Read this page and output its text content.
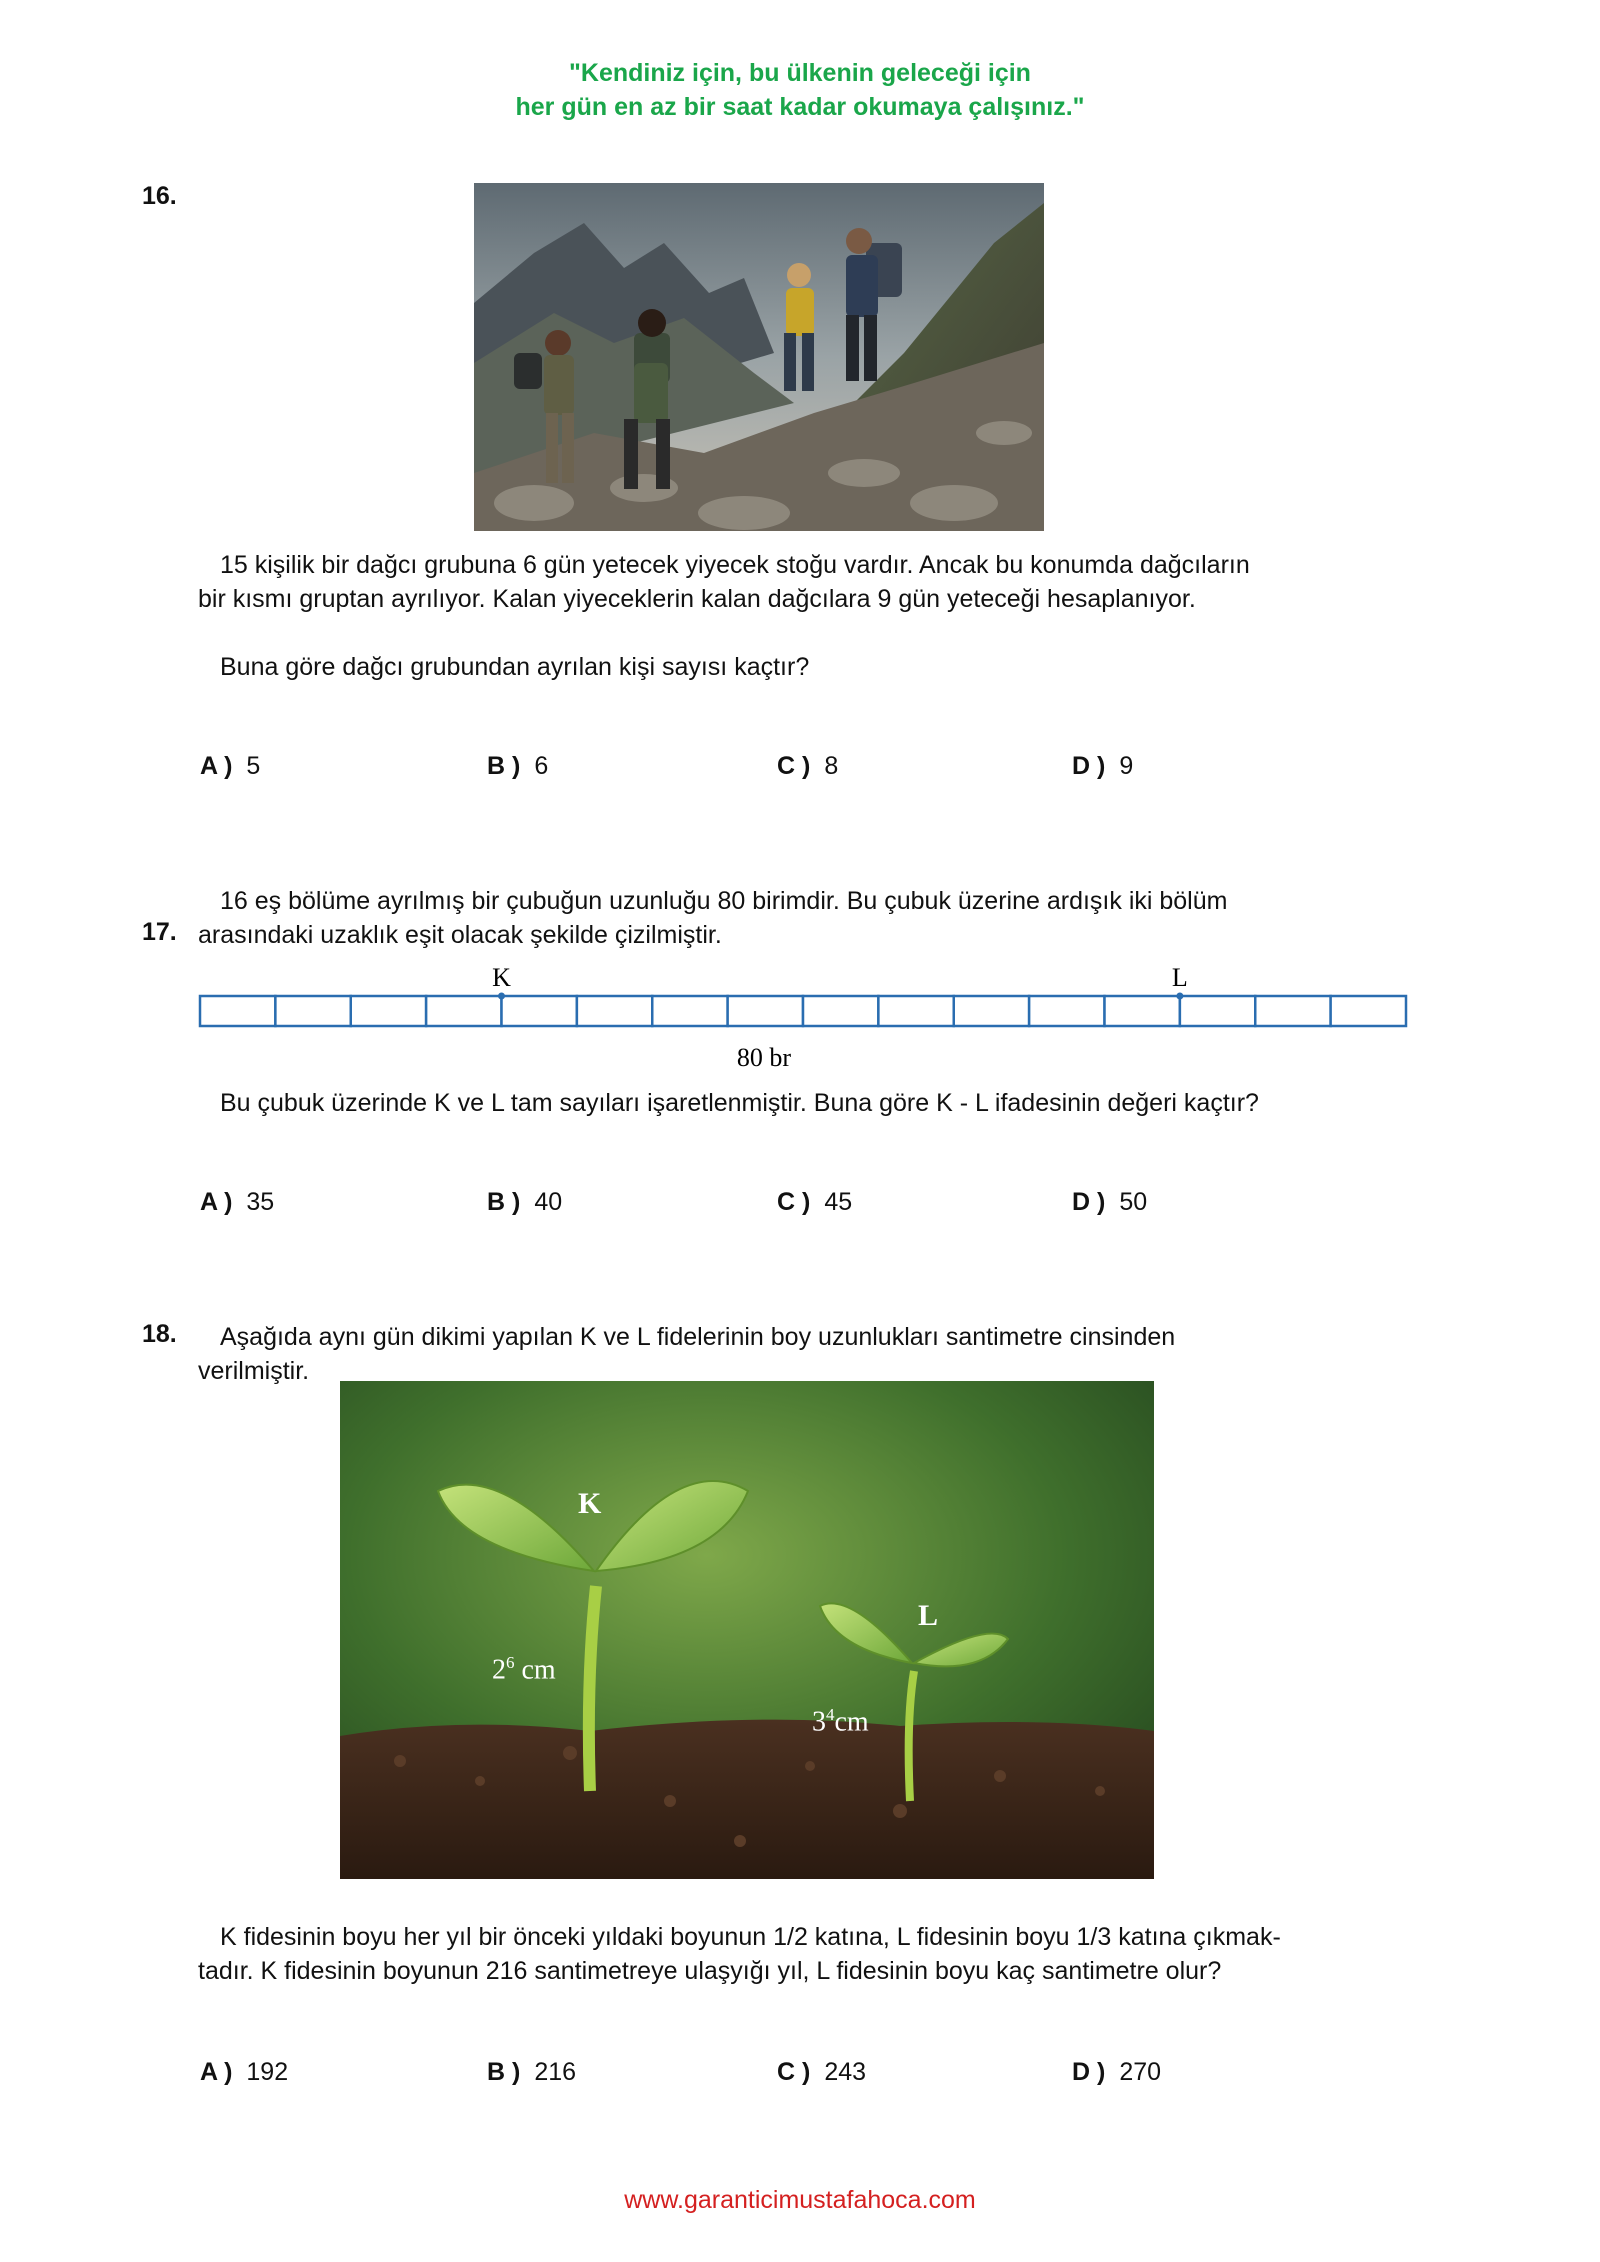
"Kendiniz için, bu ülkenin geleceği için
her gün en az bir saat kadar okumaya çalışınız."
16.
15 kişilik bir dağcı grubuna 6 gün yetecek yiyecek stoğu vardır. Ancak bu konumda dağcıların
bir kısmı gruptan ayrılıyor. Kalan yiyeceklerin kalan dağcılara 9 gün yeteceği hesaplanıyor.
Buna göre dağcı grubundan ayrılan kişi sayısı kaçtır?
A ) 5	B ) 6	C ) 8	D ) 9
16 eş bölüme ayrılmış bir çubuğun uzunluğu 80 birimdir. Bu çubuk üzerine ardışık iki bölüm
17. arasındaki uzaklık eşit olacak şekilde çizilmiştir.
K	L
80 br
Bu çubuk üzerinde K ve L tam sayıları işaretlenmiştir. Buna göre K - L ifadesinin değeri kaçtır?
A ) 35	B ) 40	C ) 45	D ) 50
18. Aşağıda aynı gün dikimi yapılan K ve L fidelerinin boy uzunlukları santimetre cinsinden
verilmiştir.
K
L
$2^6$ cm
$3^4cm$
K fidesinin boyu her yıl bir önceki yıldaki boyunun 1/2 katına, L fidesinin boyu 1/3 katına çıkmak-
tadır. K fidesinin boyunun 216 santimetreye ulaşyığı yıl, L fidesinin boyu kaç santimetre olur?
A ) 192	B ) 216	C ) 243	D ) 270
www.garanticimustafahoca.com
